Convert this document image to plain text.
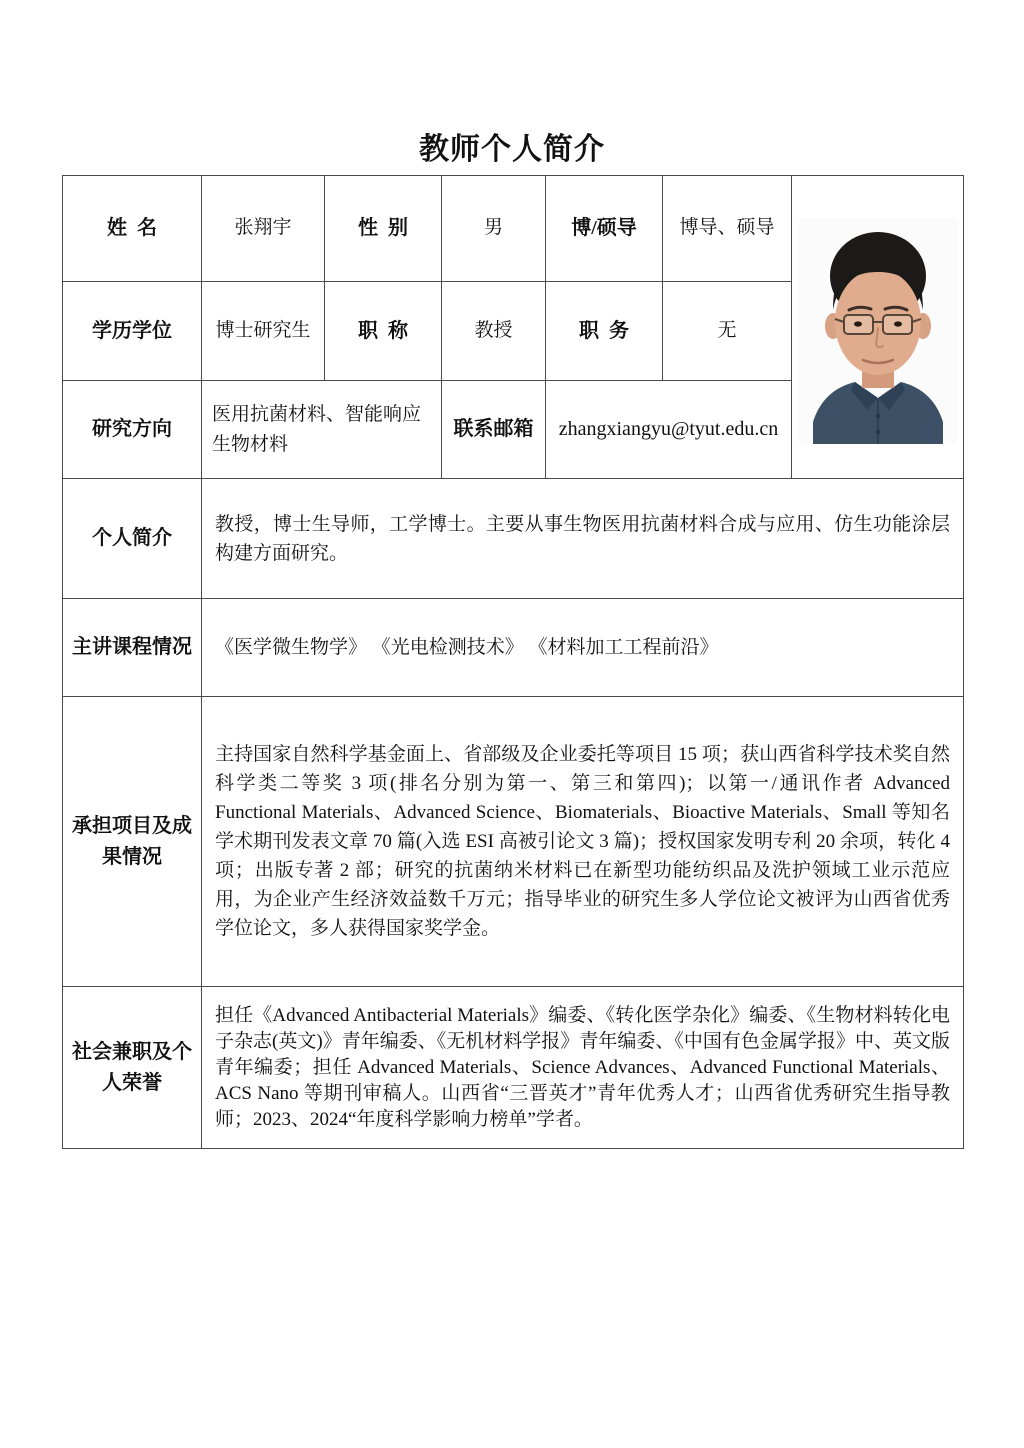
教师个人简介
姓  名	张翔宇	性  别	男	博/硕导	博导、硕导	

学历学位	博士研究生	职  称	教授	职  务	无	
研究方向	医用抗菌材料、智能响应生物材料		联系邮箱	zhangxiangyu@tyut.edu.cn		
个人简介	教授，博士生导师，工学博士。主要从事生物医用抗菌材料合成与应用、仿生功能涂层构建方面研究。					
主讲课程情况	《医学微生物学》 《光电检测技术》 《材料加工工程前沿》					
承担项目及成果情况	主持国家自然科学基金面上、省部级及企业委托等项目 15 项；获山西省科学技术奖自然科学类二等奖 3 项(排名分别为第一、第三和第四)；以第一/通讯作者 Advanced Functional Materials、Advanced Science、Biomaterials、Bioactive Materials、Small 等知名学术期刊发表文章 70 篇(入选 ESI 高被引论文 3 篇)；授权国家发明专利 20 余项，转化 4 项；出版专著 2 部；研究的抗菌纳米材料已在新型功能纺织品及洗护领域工业示范应用，为企业产生经济效益数千万元；指导毕业的研究生多人学位论文被评为山西省优秀学位论文，多人获得国家奖学金。					
社会兼职及个人荣誉	担任《Advanced Antibacterial Materials》编委、《转化医学杂化》编委、《生物材料转化电子杂志(英文)》青年编委、《无机材料学报》青年编委、《中国有色金属学报》中、英文版青年编委；担任 Advanced Materials、Science Advances、Advanced Functional Materials、ACS Nano 等期刊审稿人。山西省“三晋英才”青年优秀人才；山西省优秀研究生指导教师；2023、2024“年度科学影响力榜单”学者。					
